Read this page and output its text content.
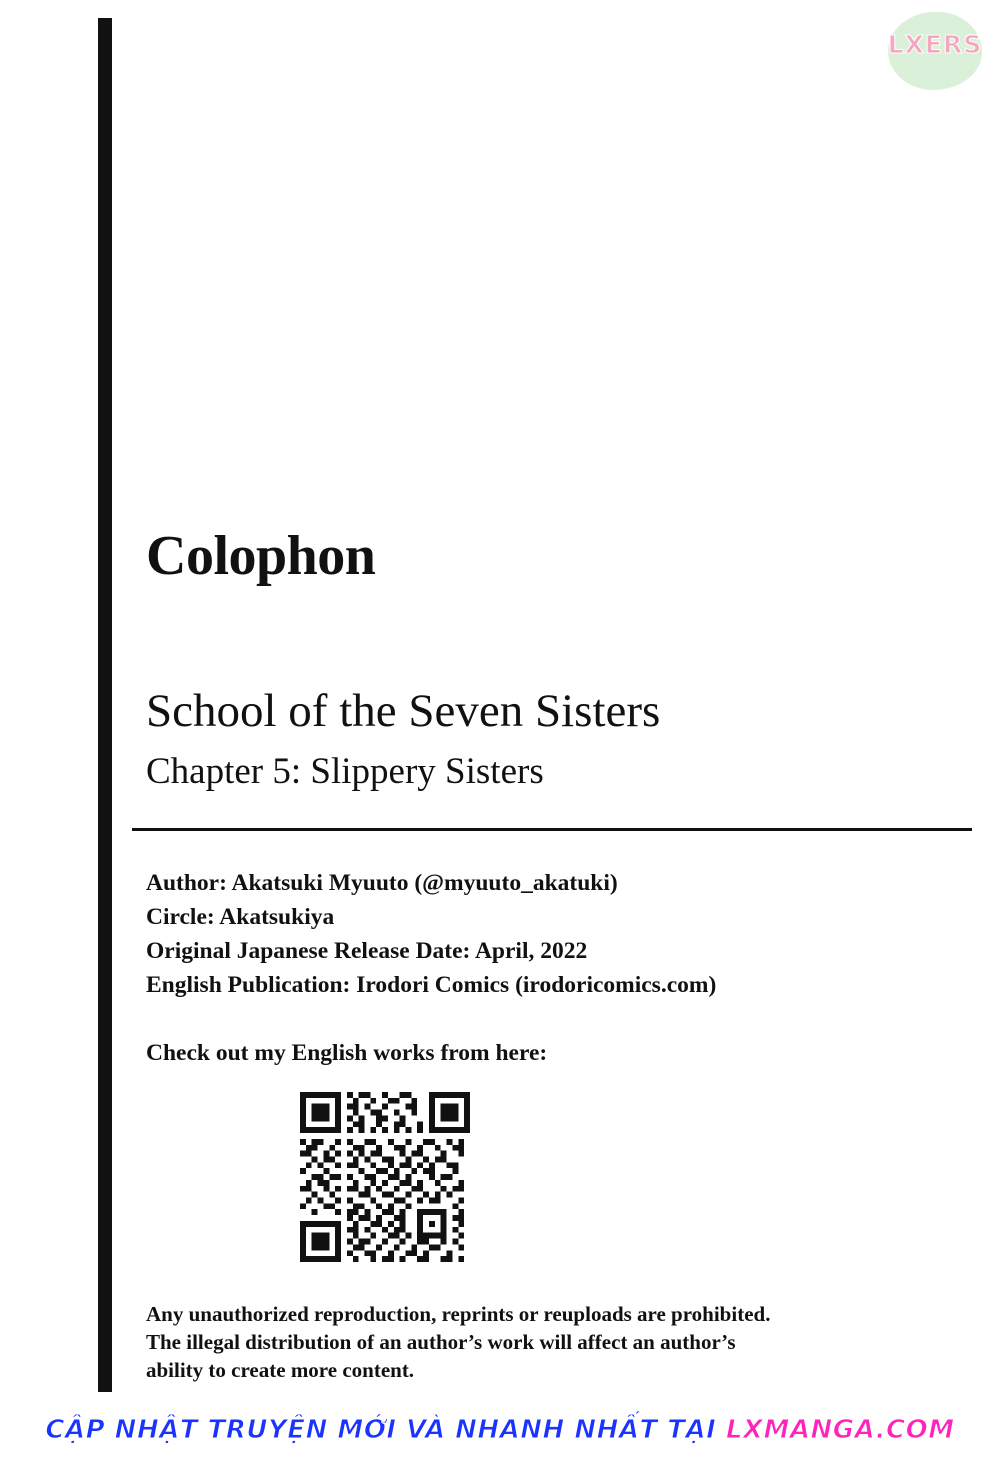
LXERS
Colophon
School of the Seven Sisters
Chapter 5: Slippery Sisters
Author: Akatsuki Myuuto (@myuuto_akatuki)
Circle: Akatsukiya
Original Japanese Release Date: April, 2022
English Publication: Irodori Comics (irodoricomics.com)
Check out my English works from here:
Any unauthorized reproduction, reprints or reuploads are prohibited.
The illegal distribution of an author’s work will affect an author’s
ability to create more content.
CẬP NHẬT TRUYỆN MỚI VÀ NHANH NHẤT TẠI LXMANGA.COM
